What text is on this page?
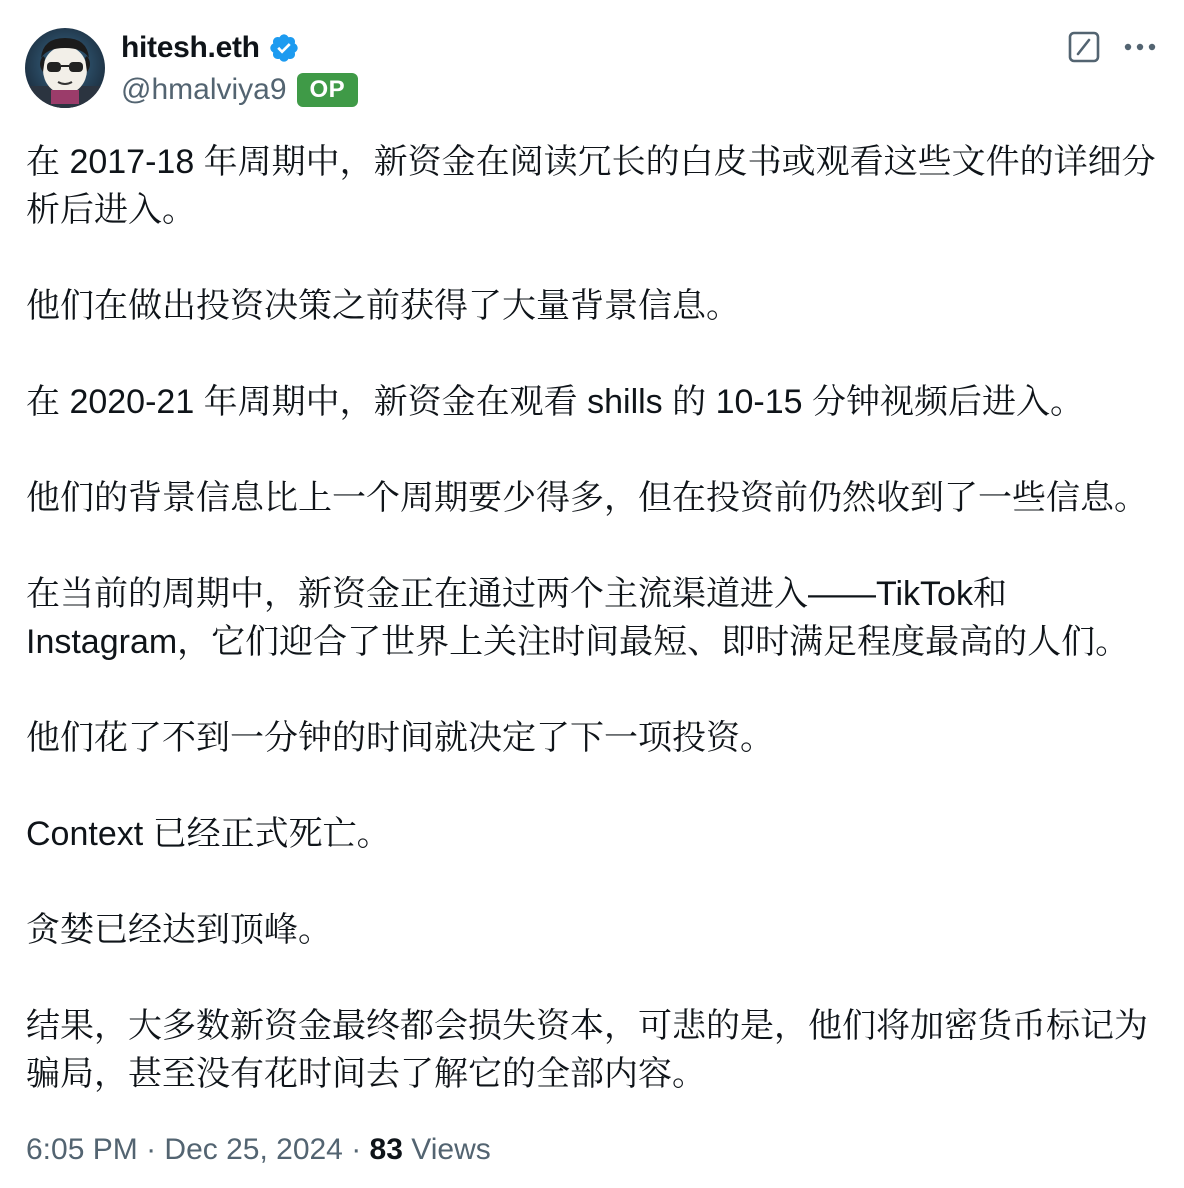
hitesh.eth
@hmalviya9 OP

在 2017-18 年周期中，新资金在阅读冗长的白皮书或观看这些文件的详细分
析后进入。

他们在做出投资决策之前获得了大量背景信息。

在 2020-21 年周期中，新资金在观看 shills 的 10-15 分钟视频后进入。

他们的背景信息比上一个周期要少得多，但在投资前仍然收到了一些信息。

在当前的周期中，新资金正在通过两个主流渠道进入——TikTok和
Instagram，它们迎合了世界上关注时间最短、即时满足程度最高的人们。

他们花了不到一分钟的时间就决定了下一项投资。

Context 已经正式死亡。

贪婪已经达到顶峰。

结果，大多数新资金最终都会损失资本，可悲的是，他们将加密货币标记为
骗局，甚至没有花时间去了解它的全部内容。

6:05 PM · Dec 25, 2024 · 83 Views
